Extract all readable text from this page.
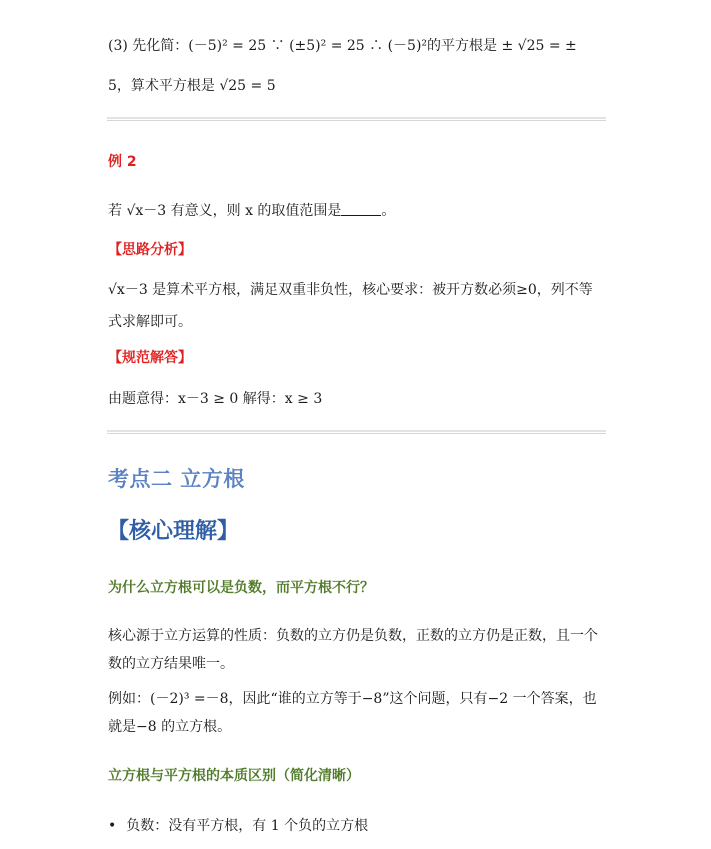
(3) 先化简：(－5)² = 25 ∵ (±5)² = 25 ∴ (－5)²的平方根是 ± √25 = ±
5，算术平方根是 √25 = 5
例 2
若 √x－3 有意义，则 x 的取值范围是	。
【思路分析】
√x－3 是算术平方根，满足双重非负性，核心要求：被开方数必须≥0，列不等
式求解即可。
【规范解答】
由题意得：x－3 ≥ 0 解得：x ≥ 3
考点二 立方根
【核心理解】
为什么立方根可以是负数，而平方根不行？
核心源于立方运算的性质：负数的立方仍是负数，正数的立方仍是正数，且一个
数的立方结果唯一。
例如：(－2)³ =－8，因此“谁的立方等于−8”这个问题，只有−2 一个答案，也
就是−8 的立方根。
立方根与平方根的本质区别（简化清晰）
• 负数：没有平方根，有 1 个负的立方根
